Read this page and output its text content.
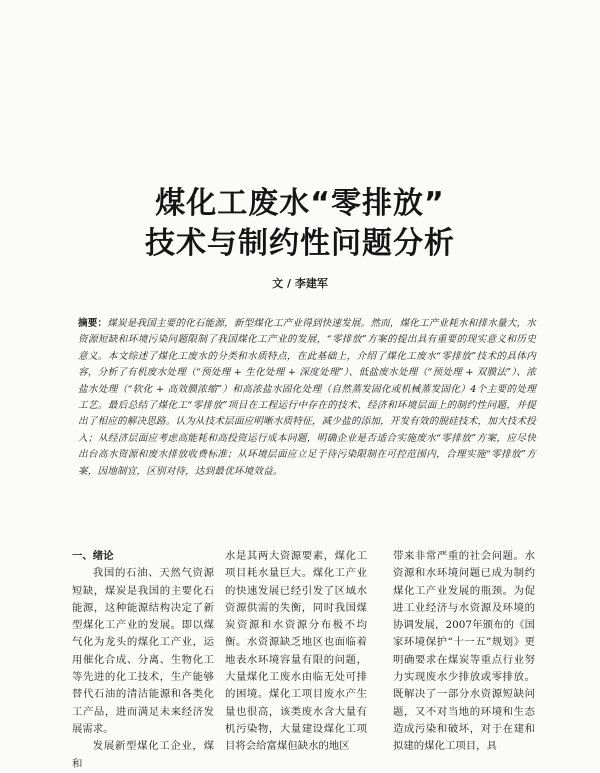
煤化工废水“零排放”
技术与制约性问题分析
文 / 李建军
摘要：煤炭是我国主要的化石能源，新型煤化工产业得到快速发展。然而，煤化工产业耗水和排水量大，水资源短缺和环境污染问题限制了我国煤化工产业的发展，“零排放”方案的提出具有重要的现实意义和历史意义。本文综述了煤化工废水的分类和水质特点，在此基础上，介绍了煤化工废水“零排放”技术的具体内容，分析了有机废水处理（“预处理 + 生化处理 + 深度处理”）、低盐废水处理（“预处理 + 双膜法”）、浓盐水处理（“软化 + 高效膜浓缩”）和高浓盐水固化处理（自然蒸发固化或机械蒸发固化）4个主要的处理工艺。最后总结了煤化工“零排放”项目在工程运行中存在的技术、经济和环境层面上的制约性问题，并提出了相应的解决思路。认为从技术层面应明晰水质特征，减少盐的添加，开发有效的脱硅技术，加大技术投入；从经济层面应考虑高能耗和高投资运行成本问题，明确企业是否适合实施废水“零排放”方案，应尽快出台高水资源和废水排放收费标准；从环境层面应立足于待污染限制在可控范围内，合理实施“零排放”方案，因地制宜，区别对待，达到最优环境效益。
一、绪论

我国的石油、天然气资源短缺，煤炭是我国的主要化石能源，这种能源结构决定了新型煤化工产业的发展。即以煤气化为龙头的煤化工产业，运用催化合成、分离、生物化工等先进的化工技术，生产能够替代石油的清洁能源和各类化工产品，进而满足未来经济发展需求。

发展新型煤化工企业，煤和

水是其两大资源要素，煤化工项目耗水量巨大。煤化工产业的快速发展已经引发了区域水资源供需的失衡，同时我国煤炭资源和水资源分布极不均衡。水资源缺乏地区也面临着地表水环境容量有限的问题，大量煤化工废水由临无处可排的困境。煤化工项目废水产生量也很高，该类废水含大量有机污染物，大量建设煤化工项目将会给富煤但缺水的地区
带来非常严重的社会问题。水资源和水环境问题已成为制约煤化工产业发展的瓶颈。为促进工业经济与水资源及环境的协调发展，2007年颁布的《国家环境保护“十一五”规划》更明确要求在煤炭等重点行业努力实现废水少排放或零排放。既解决了一部分水资源短缺问题，又不对当地的环境和生态造成污染和破坏，对于在建和拟建的煤化工项目，具
